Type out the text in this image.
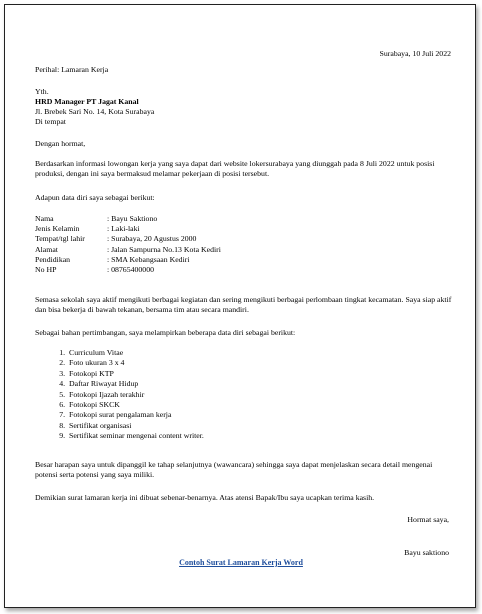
Surabaya, 10 Juli 2022
Perihal: Lamaran Kerja
Yth.
HRD Manager PT Jagat Kanal
Jl. Brebek Sari No. 14, Kota Surabaya
Di tempat
Dengan hormat,
Berdasarkan informasi lowongan kerja yang saya dapat dari website lokersurabaya yang diunggah pada 8 Juli 2022 untuk posisi produksi, dengan ini saya bermaksud melamar pekerjaan di posisi tersebut.
Adapun data diri saya sebagai berikut:
Nama	: Bayu Saktiono
Jenis Kelamin	: Laki-laki
Tempat/tgl lahir	: Surabaya, 20 Agustus 2000
Alamat	: Jalan Sampurna No.13 Kota Kediri
Pendidikan	: SMA Kebangsaan Kediri
No HP	: 08765400000
Semasa sekolah saya aktif mengikuti berbagai kegiatan dan sering mengikuti berbagai perlombaan tingkat kecamatan. Saya siap aktif dan bisa bekerja di bawah tekanan, bersama tim atau secara mandiri.
Sebagai bahan pertimbangan, saya melampirkan beberapa data diri sebagai berikut:
1. Curriculum Vitae
2. Foto ukuran 3 x 4
3. Fotokopi KTP
4. Daftar Riwayat Hidup
5. Fotokopi Ijazah terakhir
6. Fotokopi SKCK
7. Fotokopi surat pengalaman kerja
8. Sertifikat organisasi
9. Sertifikat seminar mengenai content writer.
Besar harapan saya untuk dipanggil ke tahap selanjutnya (wawancara) sehingga saya dapat menjelaskan secara detail mengenai potensi serta potensi yang saya miliki.
Demikian surat lamaran kerja ini dibuat sebenar-benarnya. Atas atensi Bapak/Ibu saya ucapkan terima kasih.
Hormat saya,
Bayu saktiono
Contoh Surat Lamaran Kerja Word
